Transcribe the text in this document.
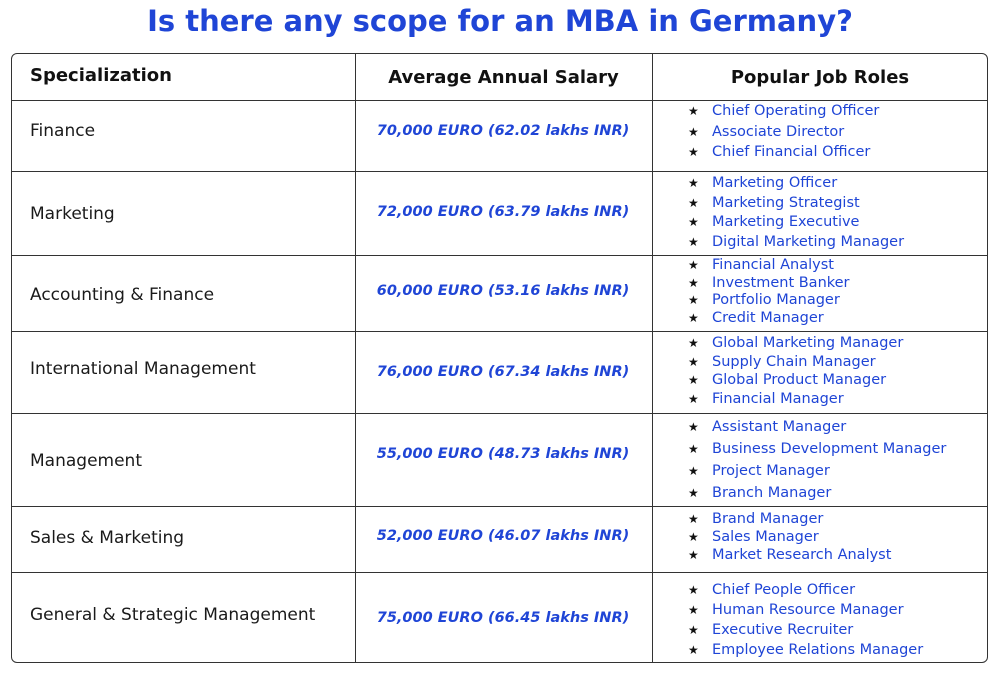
Is there any scope for an MBA in Germany?
Specialization	Average Annual Salary	Popular Job Roles
Finance	70,000 EURO (62.02 lakhs INR)
★ Chief Operating Officer
★ Associate Director
★ Chief Financial Officer
Marketing	72,000 EURO (63.79 lakhs INR)
★ Marketing Officer
★ Marketing Strategist
★ Marketing Executive
★ Digital Marketing Manager
Accounting & Finance	60,000 EURO (53.16 lakhs INR)
★ Financial Analyst
★ Investment Banker
★ Portfolio Manager
★ Credit Manager
International Management	76,000 EURO (67.34 lakhs INR)
★ Global Marketing Manager
★ Supply Chain Manager
★ Global Product Manager
★ Financial Manager
Management	55,000 EURO (48.73 lakhs INR)
★ Assistant Manager
★ Business Development Manager
★ Project Manager
★ Branch Manager
Sales & Marketing	52,000 EURO (46.07 lakhs INR)
★ Brand Manager
★ Sales Manager
★ Market Research Analyst
General & Strategic Management	75,000 EURO (66.45 lakhs INR)
★ Chief People Officer
★ Human Resource Manager
★ Executive Recruiter
★ Employee Relations Manager
